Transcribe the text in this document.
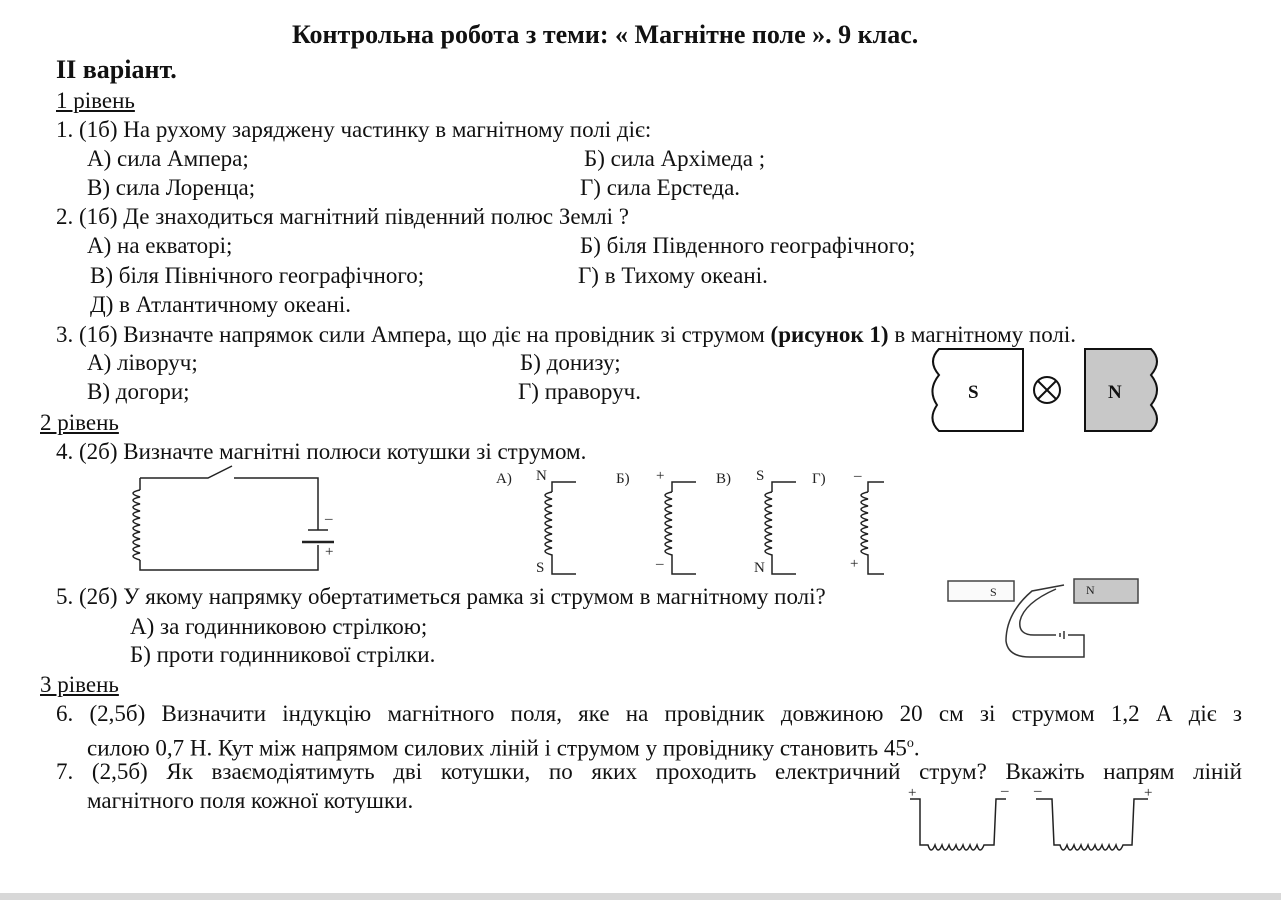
Контрольна робота з теми: « Магнітне поле ». 9 клас.
ІІ варіант.
1 рівень
1. (1б) На рухому заряджену частинку в магнітному полі діє:
А) сила Ампера;	Б) сила Архімеда ;
В) сила Лоренца;	Г) сила Ерстеда.
2. (1б) Де знаходиться магнітний південний полюс Землі ?
А) на екваторі;	Б) біля Південного географічного;
В) біля Північного географічного;	Г) в Тихому океані.
Д) в Атлантичному океані.
3. (1б) Визначте напрямок сили Ампера, що діє на провідник зі струмом (рисунок 1) в магнітному полі.
А) ліворуч;	Б) донизу;
В) догори;	Г) праворуч.	S	N
2 рівень
4. (2б) Визначте магнітні полюси котушки зі струмом.
–
+
А) N
S
Б) +
–
В) S
N
Г) –
+
5. (2б) У якому напрямку обертатиметься рамка зі струмом в магнітному полі?
А) за годинниковою стрілкою;
Б) проти годинникової стрілки.
S	N
3 рівень
6. (2,5б) Визначити індукцію магнітного поля, яке на провідник довжиною 20 см зі струмом 1,2 А діє з
силою 0,7 Н. Кут між напрямом силових ліній і струмом у провіднику становить 45$^o$.
7. (2,5б) Як взаємодіятимуть дві котушки, по яких проходить електричний струм? Вкажіть напрям ліній
магнітного поля кожної котушки.	+	– –	+
